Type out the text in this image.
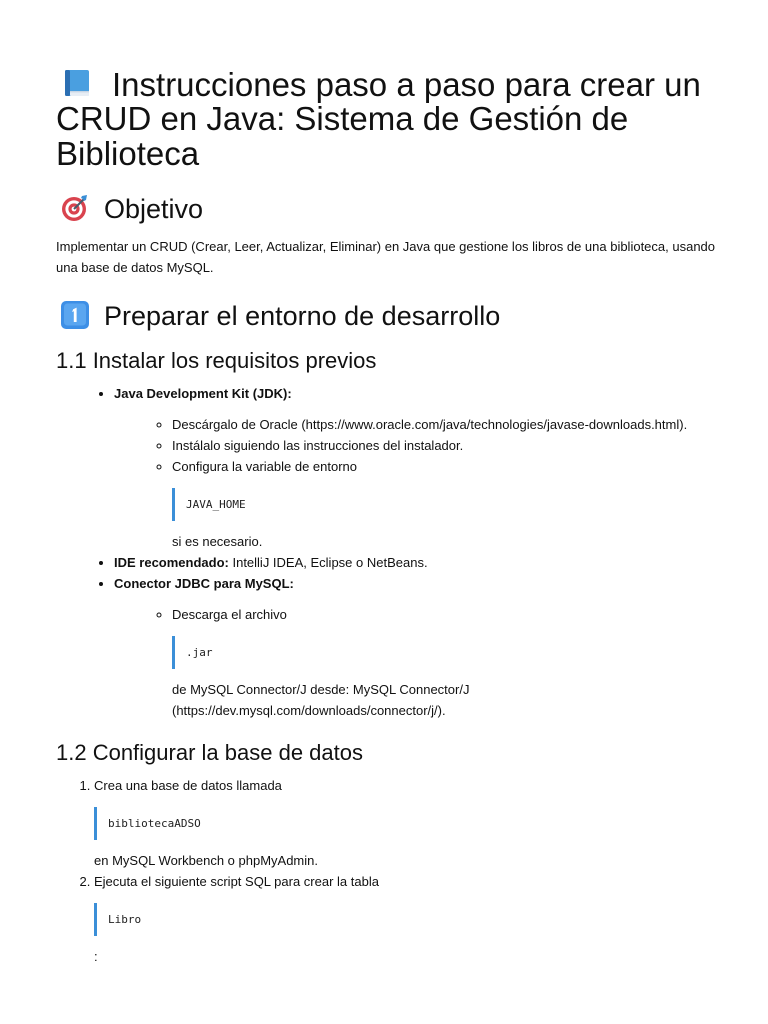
Instrucciones paso a paso para crear un CRUD en Java: Sistema de Gestión de Biblioteca
Objetivo

Implementar un CRUD (Crear, Leer, Actualizar, Eliminar) en Java que gestione los libros de una biblioteca, usando una base de datos MySQL.

Preparar el entorno de desarrollo
1.1 Instalar los requisitos previos
• Java Development Kit (JDK):
◦ Descárgalo de Oracle (https://www.oracle.com/java/technologies/javase-downloads.html).
◦ Instálalo siguiendo las instrucciones del instalador.
◦ Configura la variable de entorno
JAVA_HOME
si es necesario.
• IDE recomendado: IntelliJ IDEA, Eclipse o NetBeans.
• Conector JDBC para MySQL:
◦ Descarga el archivo
.jar
de MySQL Connector/J desde: MySQL Connector/J (https://dev.mysql.com/downloads/connector/j/).
1.2 Configurar la base de datos
1. Crea una base de datos llamada
bibliotecaADSO
en MySQL Workbench o phpMyAdmin.
2. Ejecuta el siguiente script SQL para crear la tabla
Libro
:
